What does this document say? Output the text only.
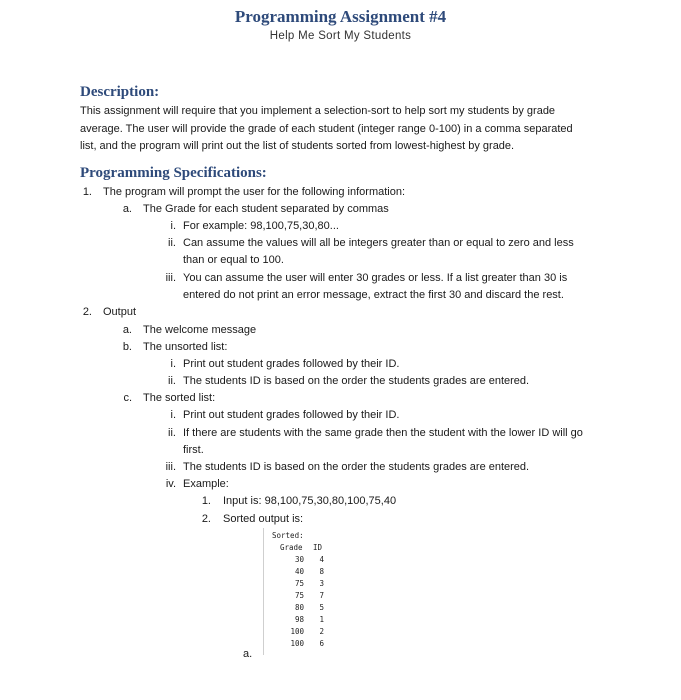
Programming Assignment #4
Help Me Sort My Students
Description:
This assignment will require that you implement a selection-sort to help sort my students by grade
average. The user will provide the grade of each student (integer range 0-100) in a comma separated
list, and the program will print out the list of students sorted from lowest-highest by grade.
Programming Specifications:
1. The program will prompt the user for the following information:
a. The Grade for each student separated by commas
i. For example: 98,100,75,30,80...
ii. Can assume the values will all be integers greater than or equal to zero and less
than or equal to 100.
iii. You can assume the user will enter 30 grades or less. If a list greater than 30 is
entered do not print an error message, extract the first 30 and discard the rest.
2. Output
a. The welcome message
b. The unsorted list:
i. Print out student grades followed by their ID.
ii. The students ID is based on the order the students grades are entered.
c. The sorted list:
i. Print out student grades followed by their ID.
ii. If there are students with the same grade then the student with the lower ID will go
first.
iii. The students ID is based on the order the students grades are entered.
iv. Example:
1. Input is: 98,100,75,30,80,100,75,40
2. Sorted output is:
Sorted:
Grade ID
30	4
40	8
75	3
75	7
80	5
98	1
100	2
100	6
a.
